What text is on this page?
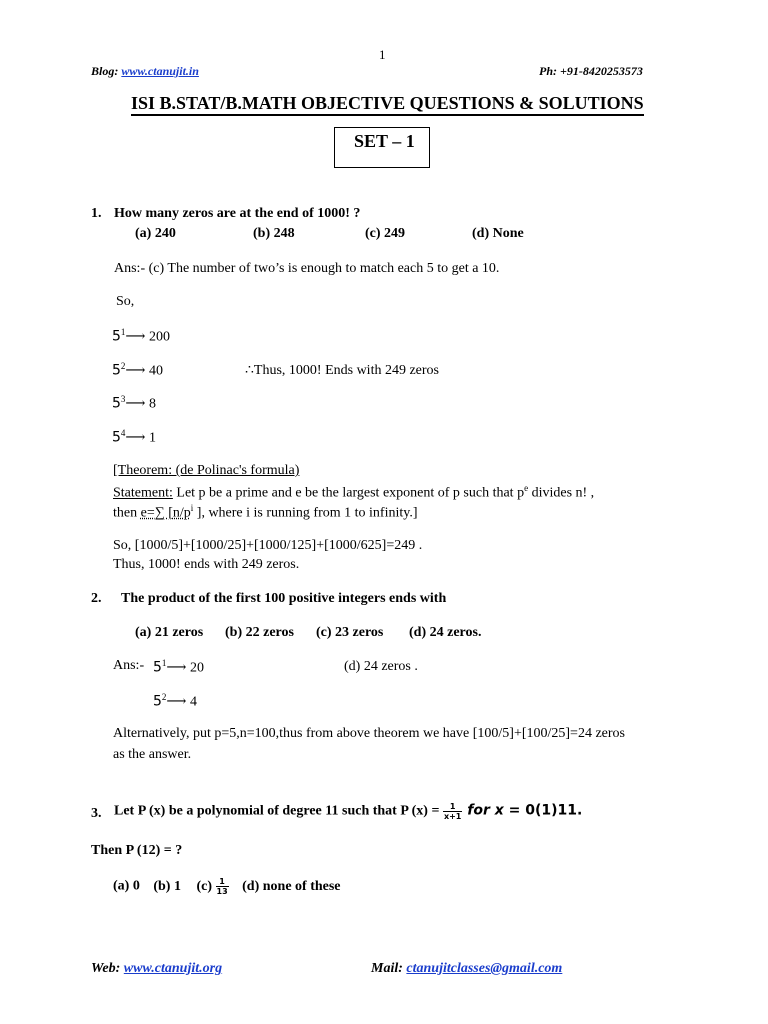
1
Blog: www.ctanujit.in	Ph: +91-8420253573
ISI B.STAT/B.MATH OBJECTIVE QUESTIONS & SOLUTIONS
SET – 1
1. How many zeros are at the end of 1000! ?
(a) 240	(b) 248	(c) 249	(d) None
Ans:- (c) The number of two’s is enough to match each 5 to get a 10.
So,
$5^1⟶$ 200
$5^2⟶$ 40	∴Thus, 1000! Ends with 249 zeros
$5^3⟶$ 8
$5^4⟶$ 1
[Theorem: (de Polinac's formula)
Statement: Let p be a prime and e be the largest exponent of p such that $p^e$ divides n! ,
then e=∑ [$n/p^i$ ], where i is running from 1 to infinity.]
So, [1000/5]+[1000/25]+[1000/125]+[1000/625]=249 .
Thus, 1000! ends with 249 zeros.
2. The product of the first 100 positive integers ends with
(a) 21 zeros (b) 22 zeros (c) 23 zeros (d) 24 zeros.
Ans:- $5^1⟶$ 20	(d) 24 zeros .
$5^2⟶$ 4
Alternatively, put p=5,n=100,thus from above theorem we have [100/5]+[100/25]=24 zeros
as the answer.
3. Let P (x) be a polynomial of degree 11 such that P $(x) = \frac{1}{x+1}$ for x = 0(1)11.
Then P (12) = ?
(a) 0 (b) 1 $(c) \frac{1}{13} (d)$ none of these
Web: www.ctanujit.org	Mail: ctanujitclasses@gmail.com
